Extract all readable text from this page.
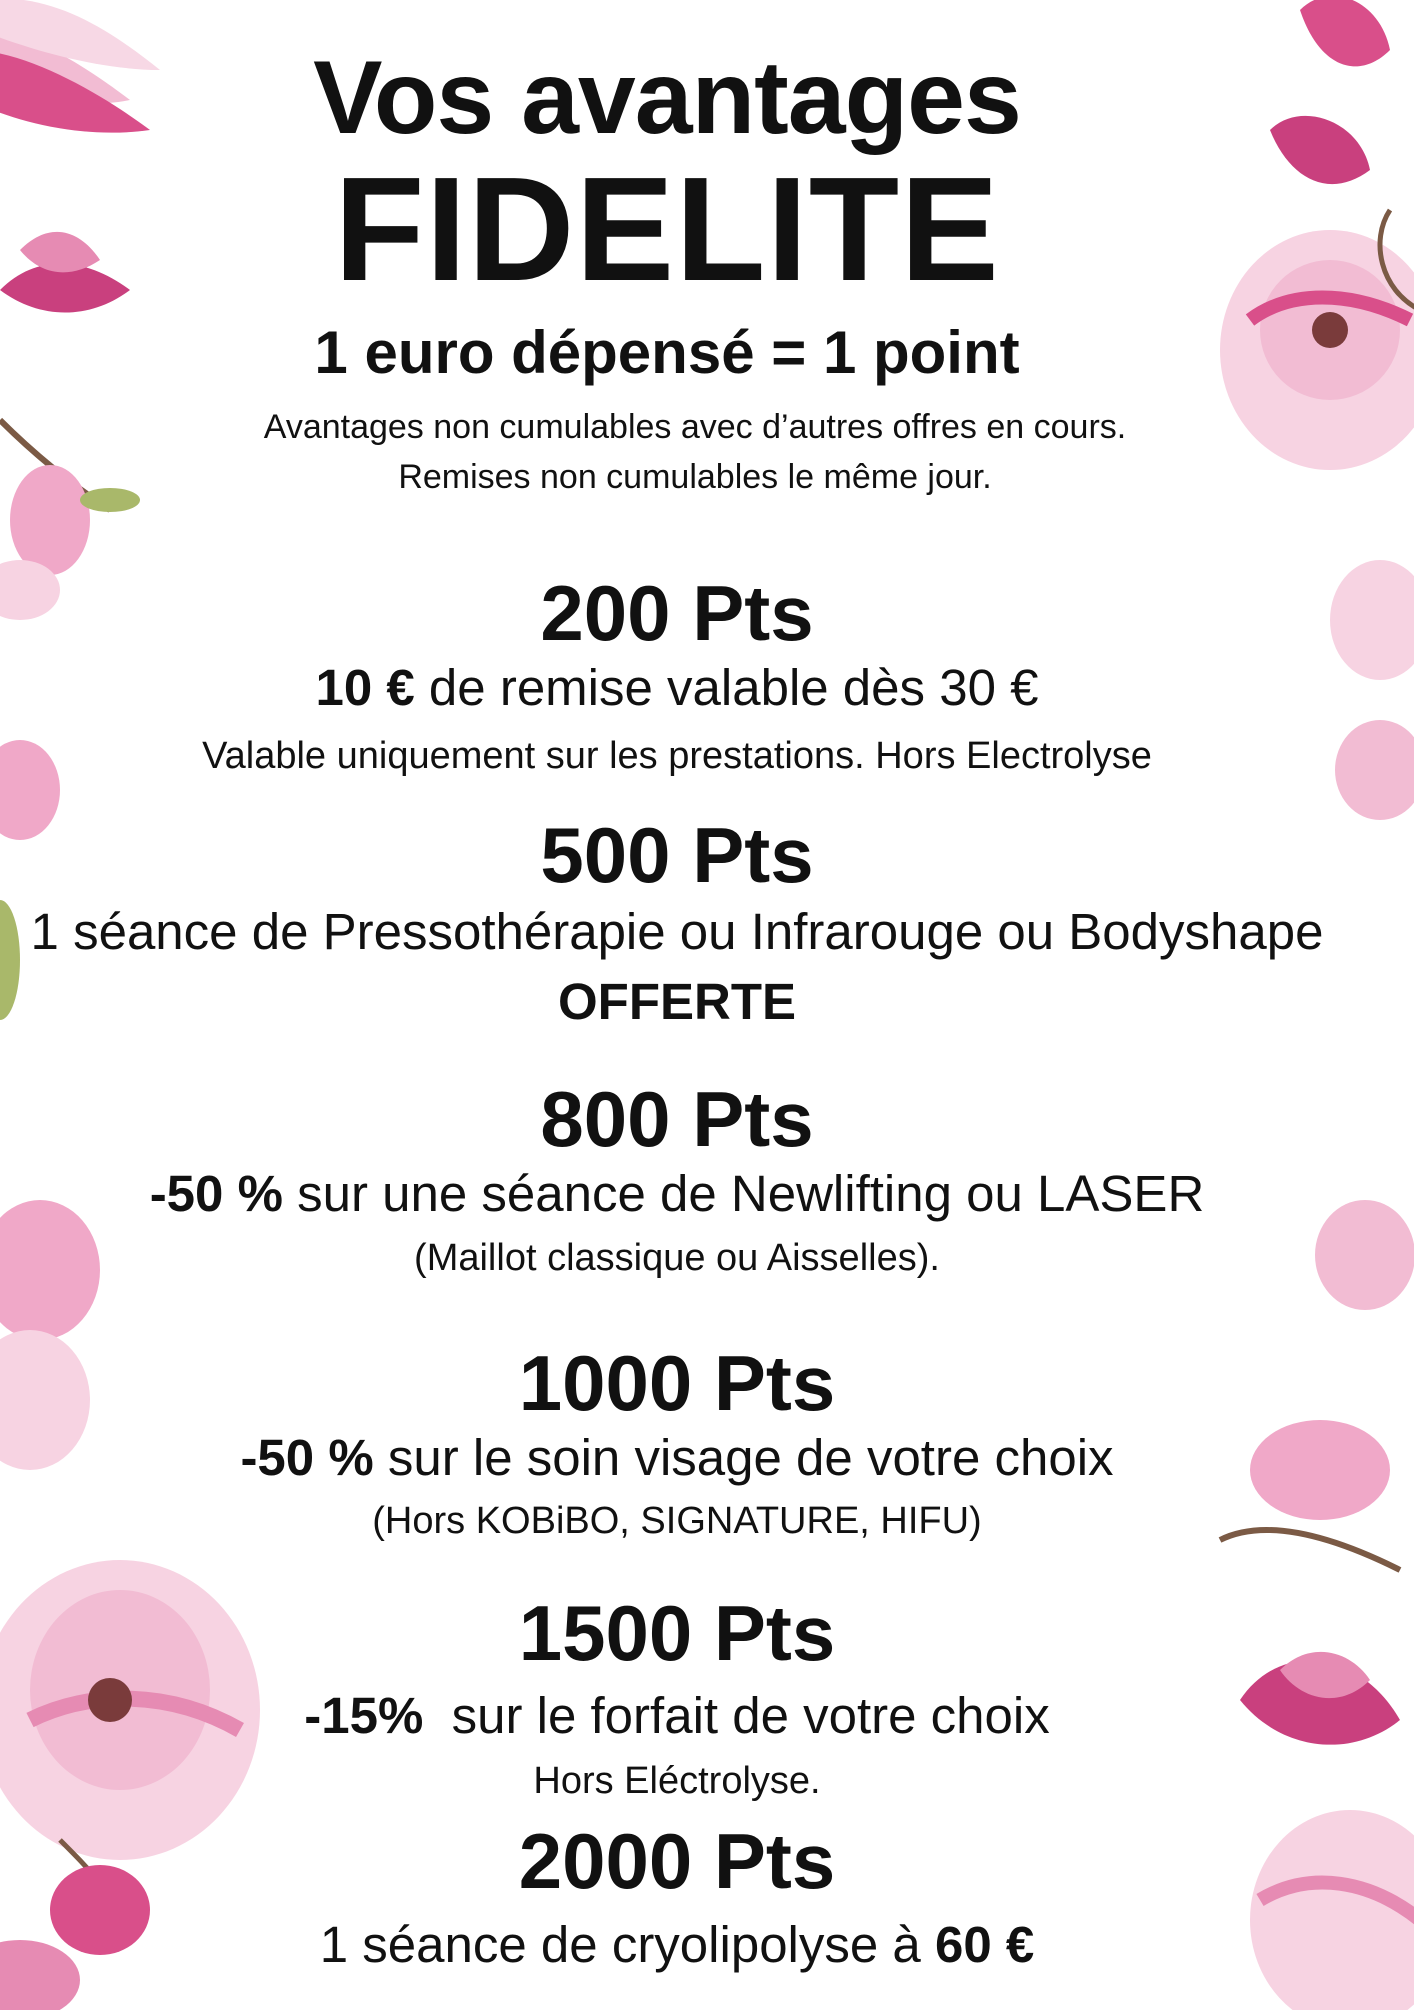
Vos avantages
FIDELITE
1 euro dépensé = 1 point
Avantages non cumulables avec d’autres offres en cours.
Remises non cumulables le même jour.
200 Pts
10 € de remise valable dès 30 €
Valable uniquement sur les prestations. Hors Electrolyse
500 Pts
1 séance de Pressothérapie ou Infrarouge ou Bodyshape
OFFERTE
800 Pts
-50 % sur une séance de Newlifting ou LASER
(Maillot classique ou Aisselles).
1000 Pts
-50 % sur le soin visage de votre choix
(Hors KOBiBO, SIGNATURE, HIFU)
1500 Pts
-15%  sur le forfait de votre choix
Hors Eléctrolyse.
2000 Pts
1 séance de cryolipolyse à 60 €
